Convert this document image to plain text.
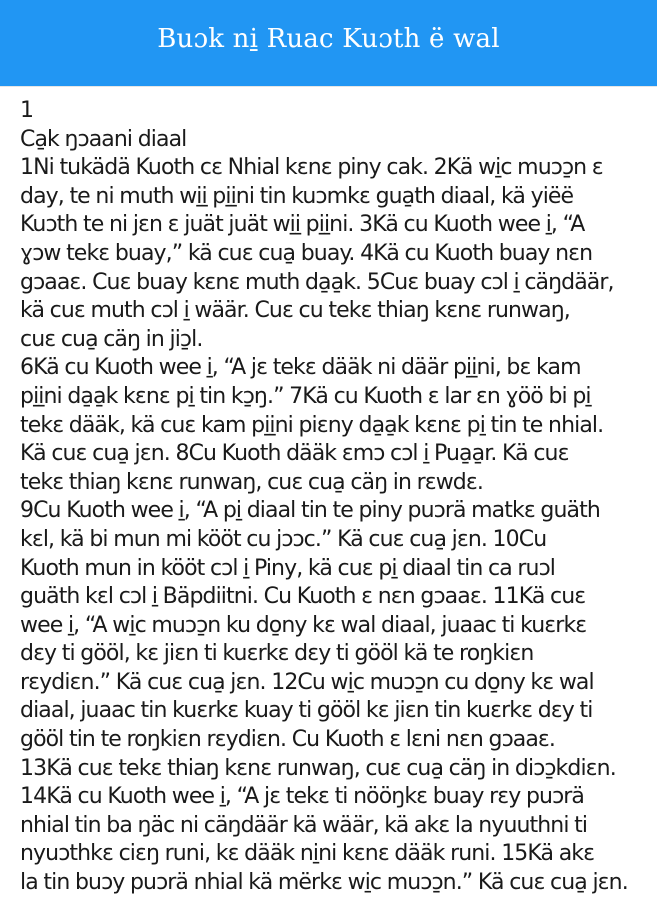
Buɔk ni̱ Ruac Kuɔth ë wal
1
Ca̱k ŋɔaani diaal
1Ni tukädä Kuoth cɛ Nhial kɛnɛ piny cak. 2Kä wi̱c muɔɔ̱n ɛ
day, te ni muth wi̱i̱ pi̱i̱ni tin kuɔmkɛ gua̱th diaal, kä yiëë
Kuɔth te ni jɛn ɛ juät juät wi̱i̱ pi̱i̱ni. 3Kä cu Kuoth wee i̱, “A
ɣɔw tekɛ buay,” kä cuɛ cua̱ buay. 4Kä cu Kuoth buay nɛn
gɔaaɛ. Cuɛ buay kɛnɛ muth da̱a̱k. 5Cuɛ buay cɔl i̱ cäŋdäär,
kä cuɛ muth cɔl i̱ wäär. Cuɛ cu tekɛ thiaŋ kɛnɛ runwaŋ,
cuɛ cua̱ cäŋ in jiɔ̱l.
6Kä cu Kuoth wee i̱, “A jɛ tekɛ dääk ni däär pi̱i̱ni, bɛ kam
pi̱i̱ni da̱a̱k kɛnɛ pi̱ tin kɔ̱ŋ.” 7Kä cu Kuoth ɛ lar ɛn ɣöö bi pi̱
tekɛ dääk, kä cuɛ kam pi̱i̱ni piɛny da̱a̱k kɛnɛ pi̱ tin te nhial.
Kä cuɛ cua̱ jɛn. 8Cu Kuoth dääk ɛmɔ cɔl i̱ Pua̱a̱r. Kä cuɛ
tekɛ thiaŋ kɛnɛ runwaŋ, cuɛ cua̱ cäŋ in rɛwdɛ.
9Cu Kuoth wee i̱, “A pi̱ diaal tin te piny puɔrä matkɛ guäth
kɛl, kä bi mun mi kööt cu jɔɔc.” Kä cuɛ cua̱ jɛn. 10Cu
Kuoth mun in kööt cɔl i̱ Piny, kä cuɛ pi̱ diaal tin ca ruɔl
guäth kɛl cɔl i̱ Bäpdiitni. Cu Kuoth ɛ nɛn gɔaaɛ. 11Kä cuɛ
wee i̱, “A wi̱c muɔɔ̱n ku do̱ny kɛ wal diaal, juaac ti kuɛrkɛ
dɛy ti gööl, kɛ jiɛn ti kuɛrkɛ dɛy ti gööl kä te roŋkiɛn
rɛydiɛn.” Kä cuɛ cua̱ jɛn. 12Cu wi̱c muɔɔ̱n cu do̱ny kɛ wal
diaal, juaac tin kuɛrkɛ kuay ti gööl kɛ jiɛn tin kuɛrkɛ dɛy ti
gööl tin te roŋkiɛn rɛydiɛn. Cu Kuoth ɛ lɛni nɛn gɔaaɛ.
13Kä cuɛ tekɛ thiaŋ kɛnɛ runwaŋ, cuɛ cua̱ cäŋ in diɔɔ̱kdiɛn.
14Kä cu Kuoth wee i̱, “A jɛ tekɛ ti nööŋkɛ buay rɛy puɔrä
nhial tin ba ŋäc ni cäŋdäär kä wäär, kä akɛ la nyuuthni ti
nyuɔthkɛ ciɛŋ runi, kɛ dääk ni̱ni kɛnɛ dääk runi. 15Kä akɛ
la tin buɔy puɔrä nhial kä mërkɛ wi̱c muɔɔ̱n.” Kä cuɛ cua̱ jɛn.
